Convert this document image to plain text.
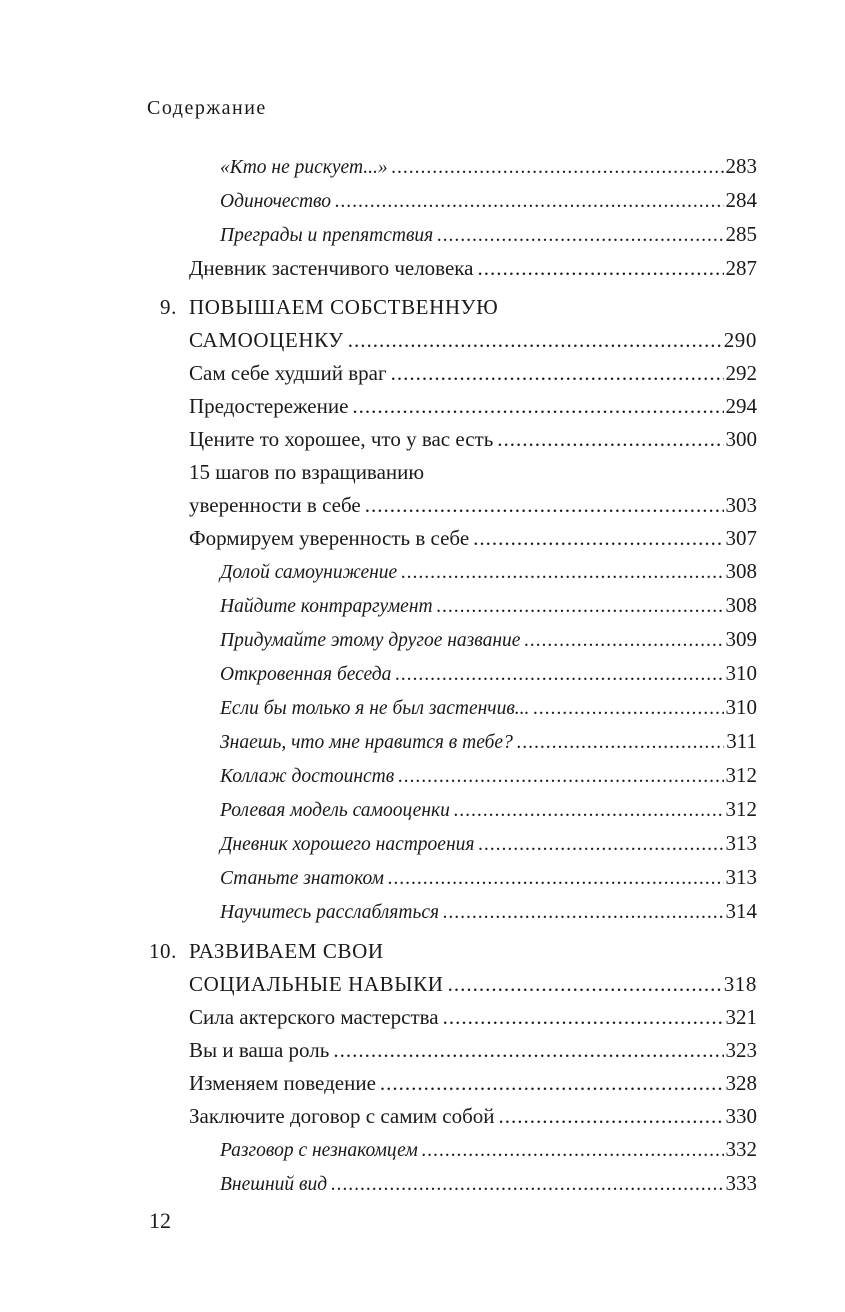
Содержание
«Кто не рискует...» .....	283
Одиночество .....	284
Преграды и препятствия .....	285
Дневник застенчивого человека .....	287
9. ПОВЫШАЕМ СОБСТВЕННУЮ
САМООЦЕНКУ .....	290
Сам себе худший враг .....	292
Предостережение .....	294
Цените то хорошее, что у вас есть .....	300
15 шагов по взращиванию
уверенности в себе .....	303
Формируем уверенность в себе .....	307
Долой самоунижение .....	308
Найдите контраргумент .....	308
Придумайте этому другое название .....	309
Откровенная беседа .....	310
Если бы только я не был застенчив... .....	310
Знаешь, что мне нравится в тебе? .....	311
Коллаж достоинств .....	312
Ролевая модель самооценки .....	312
Дневник хорошего настроения .....	313
Станьте знатоком .....	313
Научитесь расслабляться .....	314
10. РАЗВИВАЕМ СВОИ
СОЦИАЛЬНЫЕ НАВЫКИ .....	318
Сила актерского мастерства .....	321
Вы и ваша роль .....	323
Изменяем поведение .....	328
Заключите договор с самим собой .....	330
Разговор с незнакомцем .....	332
Внешний вид .....	333
12
